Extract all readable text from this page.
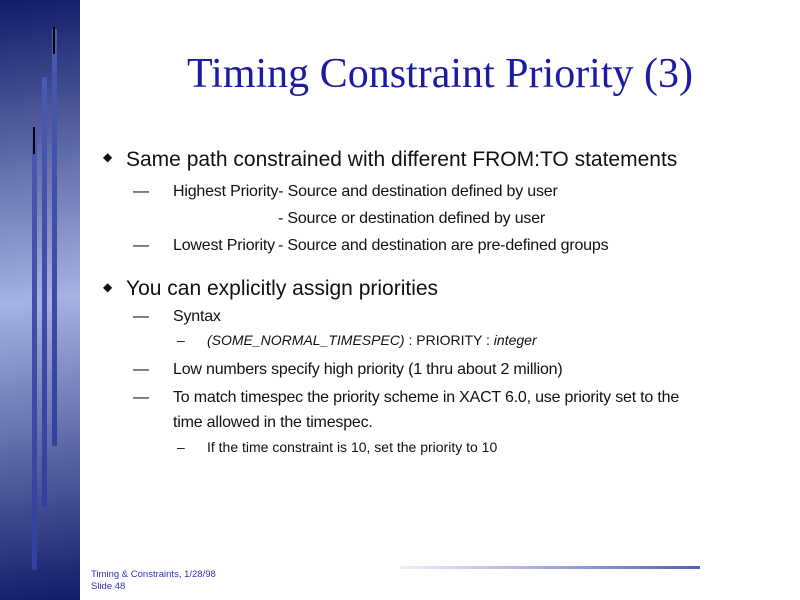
Timing Constraint Priority (3)
◆ Same path constrained with different FROM:TO statements
— Highest Priority- Source and destination defined by user
- Source or destination defined by user
— Lowest Priority - Source and destination are pre-defined groups
◆ You can explicitly assign priorities
— Syntax
– (SOME_NORMAL_TIMESPEC) : PRIORITY : integer
— Low numbers specify high priority (1 thru about 2 million)
— To match timespec the priority scheme in XACT 6.0, use priority set to the
time allowed in the timespec.
– If the time constraint is 10, set the priority to 10
Timing & Constraints, 1/28/98
Slide 48
